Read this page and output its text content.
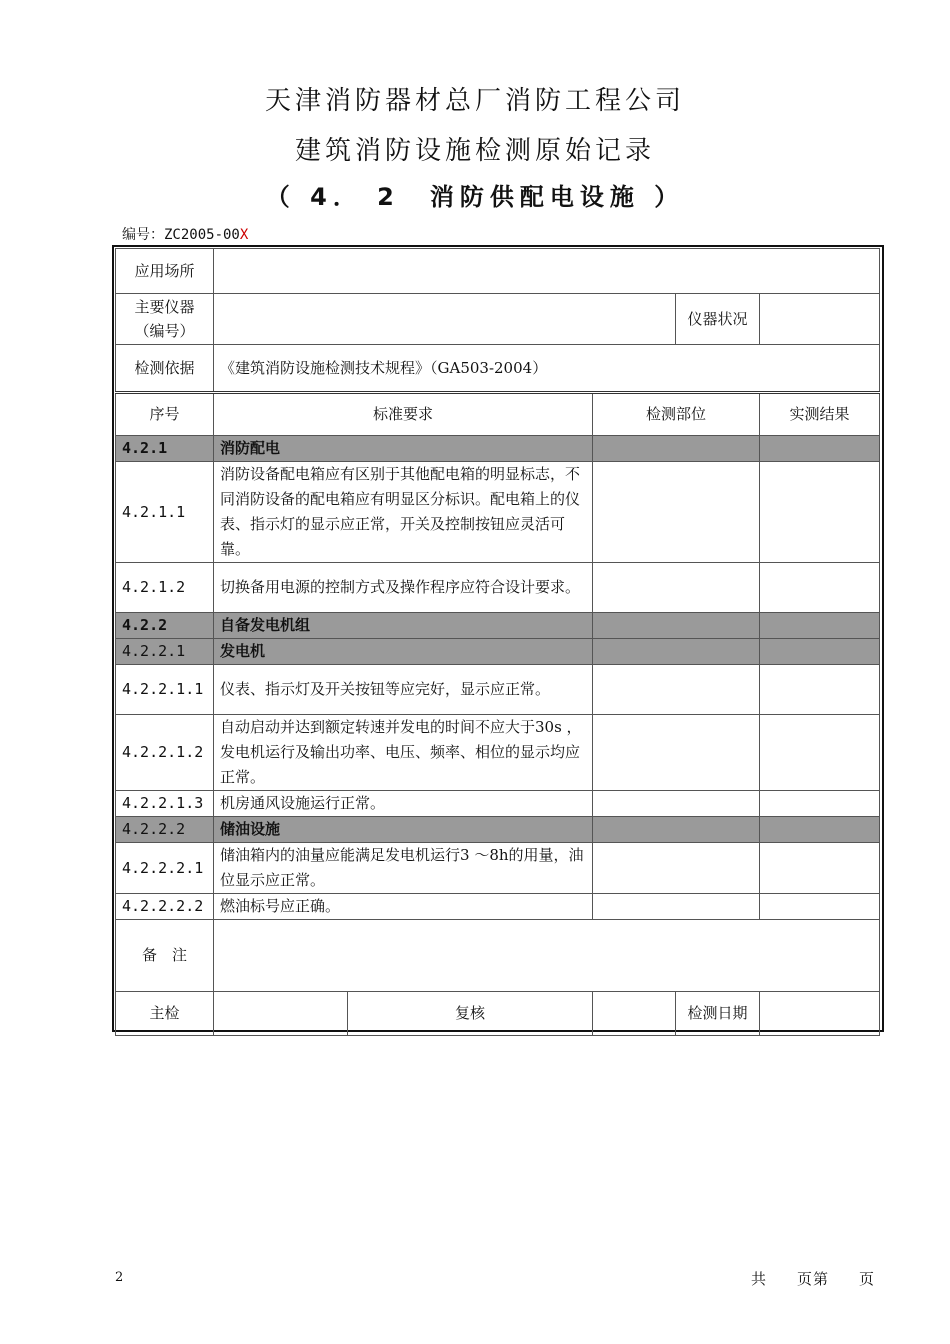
天津消防器材总厂消防工程公司
建筑消防设施检测原始记录
（ 4． 2　消防供配电设施 ）
编号：ZC2005-00X
应用场所					
主要仪器（编号）				仪器状况	
检测依据	《建筑消防设施检测技术规程》（GA503-2004）				
序号	标准要求		检测部位		实测结果
4.2.1	消防配电				
4.2.1.1	消防设备配电箱应有区别于其他配电箱的明显标志，不同消防设备的配电箱应有明显区分标识。配电箱上的仪表、指示灯的显示应正常，开关及控制按钮应灵活可靠。				
4.2.1.2	切换备用电源的控制方式及操作程序应符合设计要求。				
4.2.2	自备发电机组				
4.2.2.1	发电机				
4.2.2.1.1	仪表、指示灯及开关按钮等应完好，显示应正常。				
4.2.2.1.2	自动启动并达到额定转速并发电的时间不应大于30s ，发电机运行及输出功率、电压、频率、相位的显示均应正常。				
4.2.2.1.3	机房通风设施运行正常。				
4.2.2.2	储油设施				
4.2.2.2.1	储油箱内的油量应能满足发电机运行3 ～8h的用量，油位显示应正常。				
4.2.2.2.2	燃油标号应正确。				
备　注					
主检		复核		检测日期	
2	共 页第 页
